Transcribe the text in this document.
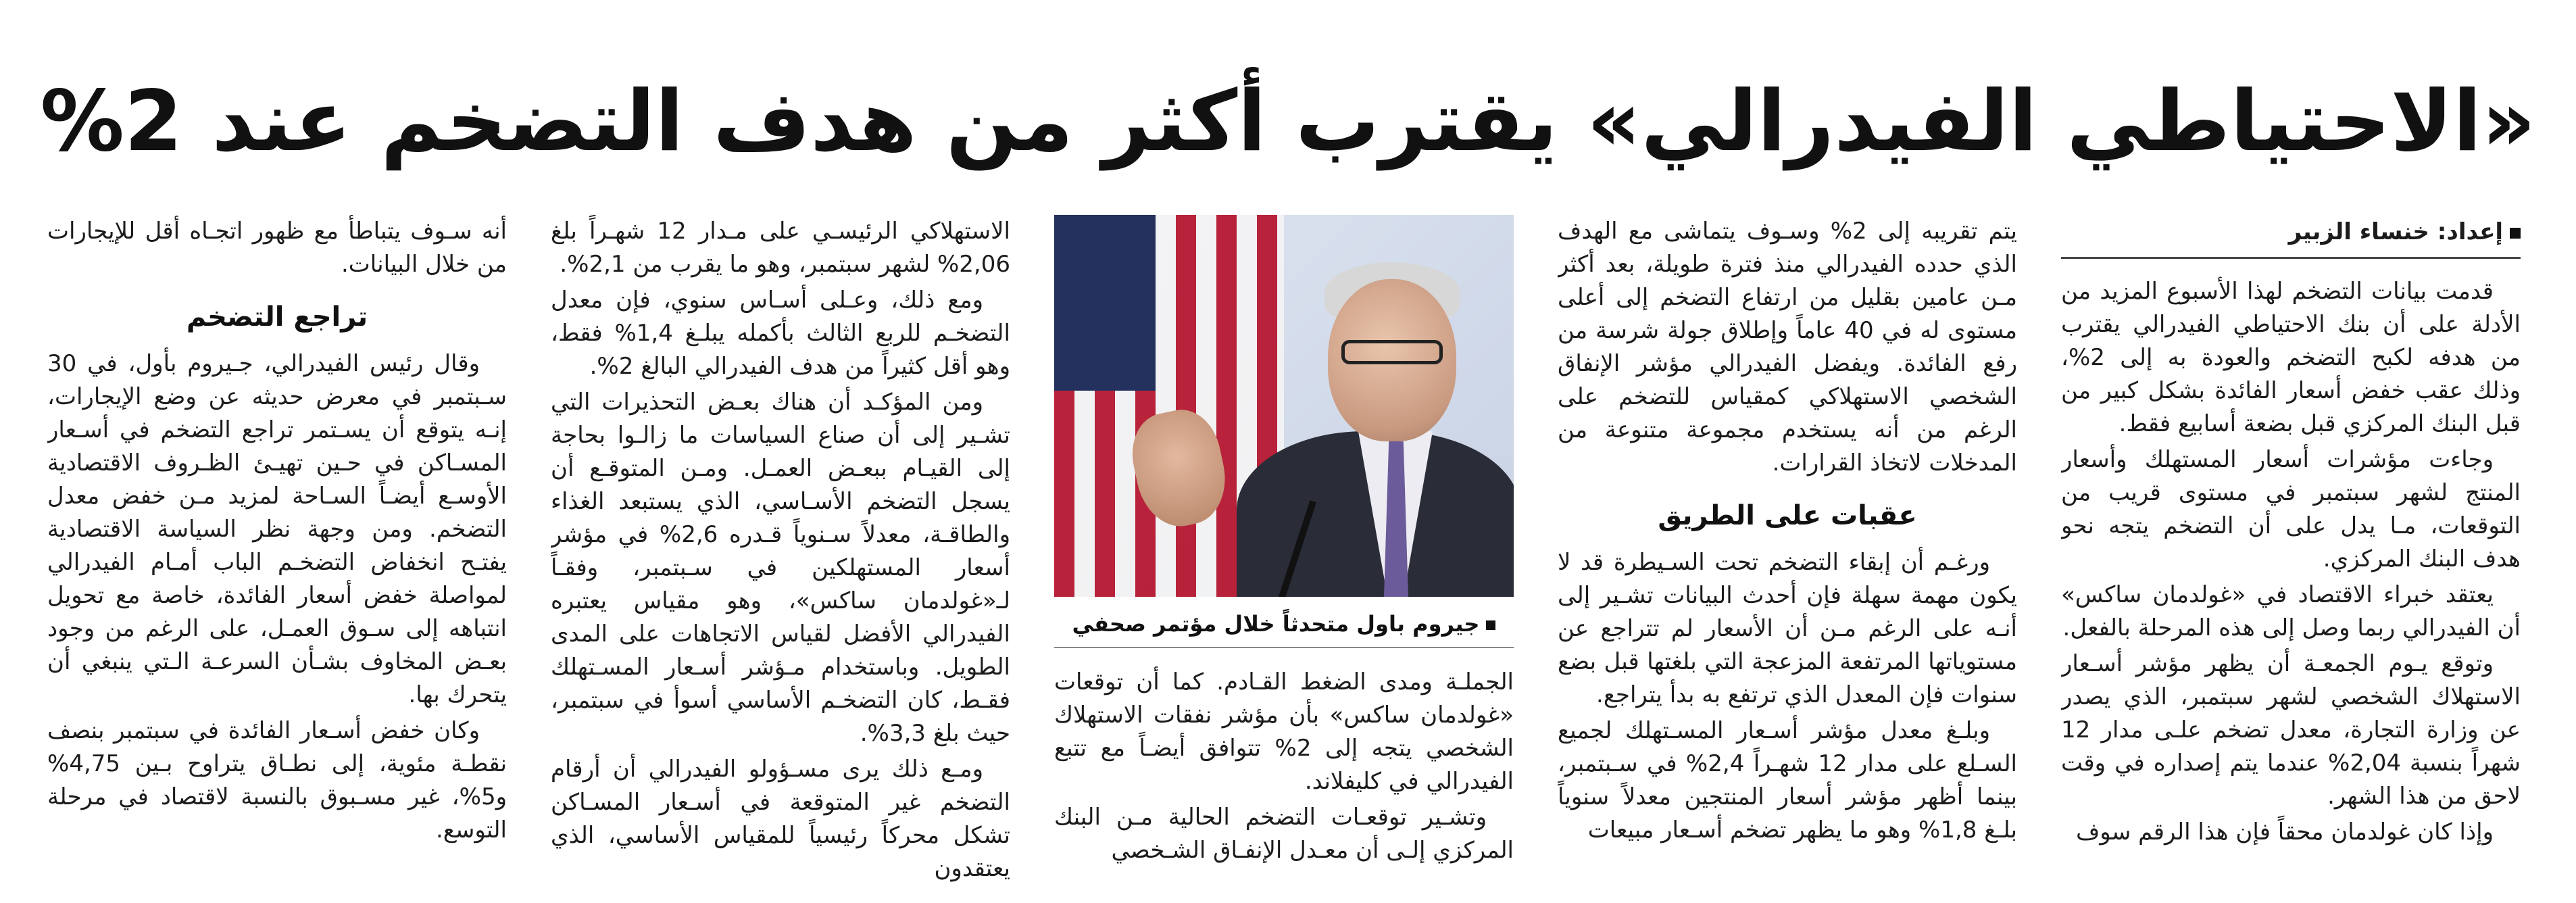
«الاحتياطي الفيدرالي» يقترب أكثر من هدف التضخم عند 2%
إعداد: خنساء الزبير

قدمت بيانات التضخم لهذا الأسبوع المزيد من الأدلة على أن بنك الاحتياطي الفيدرالي يقترب من هدفه لكبح التضخم والعودة به إلى 2%، وذلك عقب خفض أسعار الفائدة بشكل كبير من قبل البنك المركزي قبل بضعة أسابيع فقط.

وجاءت مؤشرات أسعار المستهلك وأسعار المنتج لشهر سبتمبر في مستوى قريب من التوقعات، مـا يدل على أن التضخم يتجه نحو هدف البنك المركزي.

يعتقد خبراء الاقتصاد في «غولدمان ساكس» أن الفيدرالي ربما وصل إلى هذه المرحلة بالفعل.

وتوقع يـوم الجمعـة أن يظهر مؤشر أسـعار الاستهلاك الشخصي لشهر سبتمبر، الذي يصدر عن وزارة التجارة، معدل تضخم علـى مدار 12 شهراً بنسبة 2,04% عندما يتم إصداره في وقت لاحق من هذا الشهر.

وإذا كان غولدمان محقاً فإن هذا الرقم سوف

يتم تقريبه إلى 2% وسـوف يتماشى مع الهدف الذي حدده الفيدرالي منذ فترة طويلة، بعد أكثر مـن عامين بقليل من ارتفاع التضخم إلى أعلى مستوى له في 40 عاماً وإطلاق جولة شرسة من رفع الفائدة. ويفضل الفيدرالي مؤشر الإنفاق الشخصي الاستهلاكي كمقياس للتضخم على الرغم من أنه يستخدم مجموعة متنوعة من المدخلات لاتخاذ القرارات.

عقبات على الطريق

ورغـم أن إبقاء التضخم تحت السـيطرة قد لا يكون مهمة سهلة فإن أحدث البيانات تشـير إلى أنـه على الرغم مـن أن الأسعار لم تتراجع عن مستوياتها المرتفعة المزعجة التي بلغتها قبل بضع سنوات فإن المعدل الذي ترتفع به بدأ يتراجع.

وبلـغ معدل مؤشر أسـعار المسـتهلك لجميع السـلع على مدار 12 شهـراً 2,4% في سـبتمبر، بينما أظهر مؤشر أسعار المنتجين معدلاً سنوياً بلـغ 1,8% وهو ما يظهر تضخم أسـعار مبيعات

جيروم باول متحدثاً خلال مؤتمر صحفي

الجملـة ومدى الضغط القـادم. كما أن توقعات «غولدمان ساكس» بأن مؤشر نفقات الاستهلاك الشخصي يتجه إلى 2% تتوافق أيضـاً مع تتبع الفيدرالي في كليفلاند.

وتشـير توقعـات التضخم الحالية مـن البنك المركزي إلـى أن معـدل الإنفـاق الشـخصي

الاستهلاكي الرئيسـي على مـدار 12 شهـراً بلغ 2,06% لشهر سبتمبر، وهو ما يقرب من 2,1%.

ومع ذلك، وعـلى أسـاس سنوي، فإن معدل التضخـم للربع الثالث بأكمله يبلـغ 1,4% فقط، وهو أقل كثيراً من هدف الفيدرالي البالغ 2%.

ومن المؤكـد أن هناك بعـض التحذيرات التي تشـير إلى أن صناع السياسات ما زالـوا بحاجة إلى القيـام ببعـض العمـل. ومـن المتوقـع أن يسجل التضخم الأسـاسي، الذي يستبعد الغذاء والطاقـة، معدلاً سـنوياً قـدره 2,6% في مؤشر أسعار المستهلكين في سـبتمبر، وفقـاً لـ«غولدمان ساكس»، وهو مقياس يعتبره الفيدرالي الأفضل لقياس الاتجاهات على المدى الطويل. وباستخدام مـؤشر أسـعار المسـتهلك فقـط، كان التضخـم الأساسي أسوأ في سبتمبر، حيث بلغ 3,3%.

ومـع ذلك يرى مسـؤولو الفيدرالي أن أرقام التضخم غير المتوقعة في أسـعار المسـاكن تشكل محركاً رئيسياً للمقياس الأساسي، الذي يعتقدون

أنه سـوف يتباطأ مع ظهور اتجـاه أقل للإيجارات من خلال البيانات.

تراجع التضخم

وقال رئيس الفيدرالي، جـيروم بأول، في 30 سـبتمبر في معرض حديثه عن وضع الإيجارات، إنـه يتوقع أن يسـتمر تراجع التضخم في أسـعار المسـاكن في حـين تهيـئ الظـروف الاقتصادية الأوسـع أيضـاً السـاحة لمزيد مـن خفض معدل التضخم. ومن وجهة نظر السياسة الاقتصادية يفتـح انخفاض التضخـم الباب أمـام الفيدرالي لمواصلة خفض أسعار الفائدة، خاصة مع تحويل انتباهه إلى سـوق العمـل، على الرغم من وجود بعـض المخاوف بشـأن السرعـة الـتي ينبغي أن يتحرك بها.

وكان خفض أسـعار الفائدة في سبتمبر بنصف نقطـة مئوية، إلى نطـاق يتراوح بـين 4,75% و5%، غير مسـبوق بالنسبة لاقتصاد في مرحلة التوسع.
